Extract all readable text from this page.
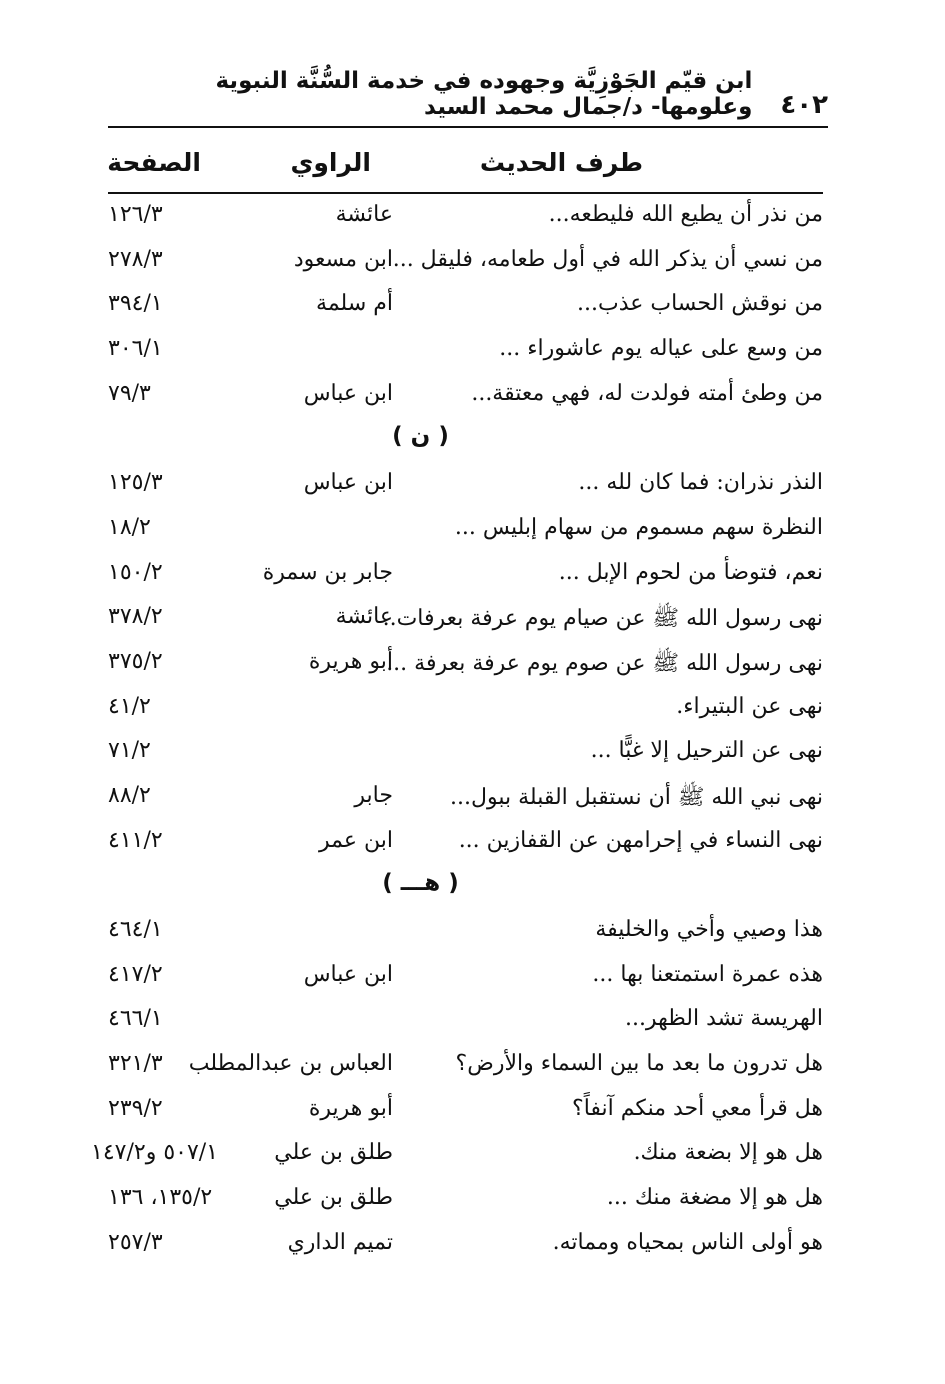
٤٠٢
ابن قيّم الجَوْزِيَّة وجهوده في خدمة السُّنَّة النبوية وعلومها- د/جمال محمد السيد
طرف الحديث
الراوي
الصفحة
من نذر أن يطيع الله فليطعه...
عائشة
١٢٦/٣
من نسي أن يذكر الله في أول طعامه، فليقل ...
ابن مسعود
٢٧٨/٣
من نوقش الحساب عذب...
أم سلمة
٣٩٤/١
من وسع على عياله يوم عاشوراء ...
٣٠٦/١
من وطئ أمته فولدت له، فهي معتقة...
ابن عباس
٧٩/٣
( ن )
النذر نذران: فما كان لله ...
ابن عباس
١٢٥/٣
النظرة سهم مسموم من سهام إبليس ...
١٨/٢
نعم، فتوضأ من لحوم الإبل ...
جابر بن سمرة
١٥٠/٢
نهى رسول الله ﷺ عن صيام يوم عرفة بعرفات..
عائشة
٣٧٨/٢
نهى رسول الله ﷺ عن صوم يوم عرفة بعرفة ...
أبو هريرة
٣٧٥/٢
نهى عن البتيراء.
٤١/٢
نهى عن الترحيل إلا غبًّا ...
٧١/٢
نهى نبي الله ﷺ أن نستقبل القبلة ببول...
جابر
٨٨/٢
نهى النساء في إحرامهن عن القفازين ...
ابن عمر
٤١١/٢
( هـــ )
هذا وصيي وأخي والخليفة
٤٦٤/١
هذه عمرة استمتعنا بها ...
ابن عباس
٤١٧/٢
الهريسة تشد الظهر...
٤٦٦/١
هل تدرون ما بعد ما بين السماء والأرض؟
العباس بن عبدالمطلب
٣٢١/٣
هل قرأ معي أحد منكم آنفاً؟
أبو هريرة
٢٣٩/٢
هل هو إلا بضعة منك.
طلق بن علي
٥٠٧/١ و١٤٧/٢
هل هو إلا مضغة منك ...
طلق بن علي
١٣٥/٢، ١٣٦
هو أولى الناس بمحياه ومماته.
تميم الداري
٢٥٧/٣
